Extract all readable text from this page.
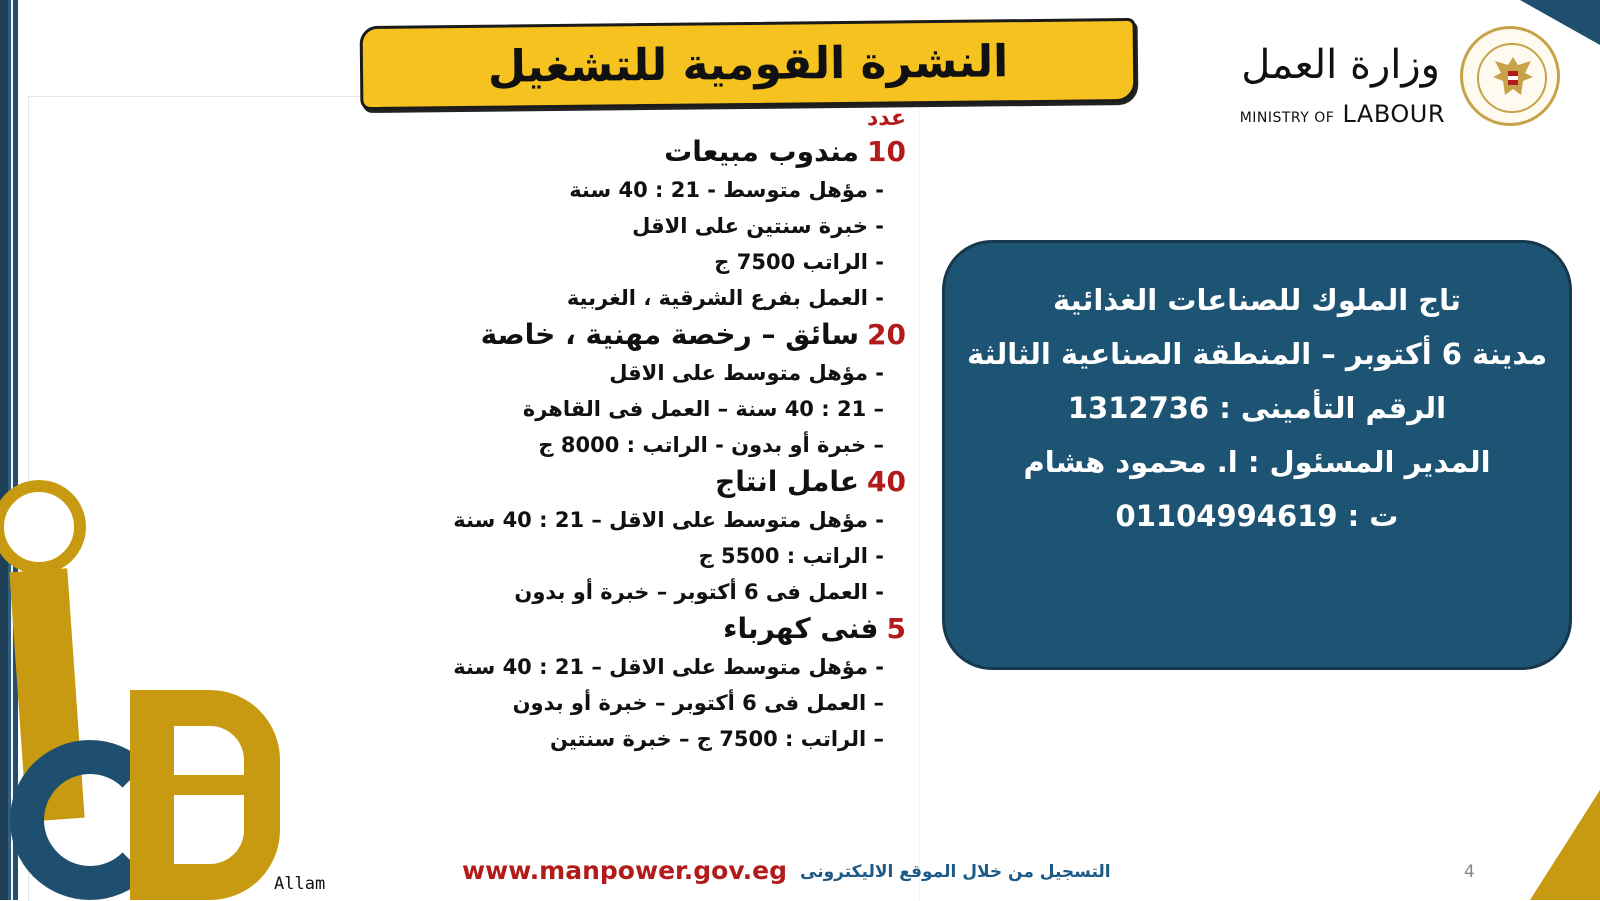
النشرة القومية للتشغيل	وزارة العمل
MINISTRY OF LABOUR
عدد
10مندوب مبيعات
- مؤهل متوسط - 21 : 40 سنة
- خبرة سنتين على الاقل
- الراتب 7500 ج
- العمل بفرع الشرقية ، الغربية
20سائق – رخصة مهنية ، خاصة
- مؤهل متوسط على الاقل
– 21 : 40 سنة – العمل فى القاهرة
– خبرة أو بدون - الراتب : 8000 ج
40عامل انتاج
- مؤهل متوسط على الاقل – 21 : 40 سنة
- الراتب : 5500 ج
- العمل فى 6 أكتوبر – خبرة أو بدون
5فنى كهرباء
- مؤهل متوسط على الاقل – 21 : 40 سنة
– العمل فى 6 أكتوبر – خبرة أو بدون
– الراتب : 7500 ج – خبرة سنتين
تاج الملوك للصناعات الغذائية
مدينة 6 أكتوبر – المنطقة الصناعية الثالثة
الرقم التأمينى : 1312736
المدير المسئول : ا. محمود هشام
ت : 01104994619
www.manpower.gov.eg التسجيل من خلال الموقع الاليكترونى	4
Allam
